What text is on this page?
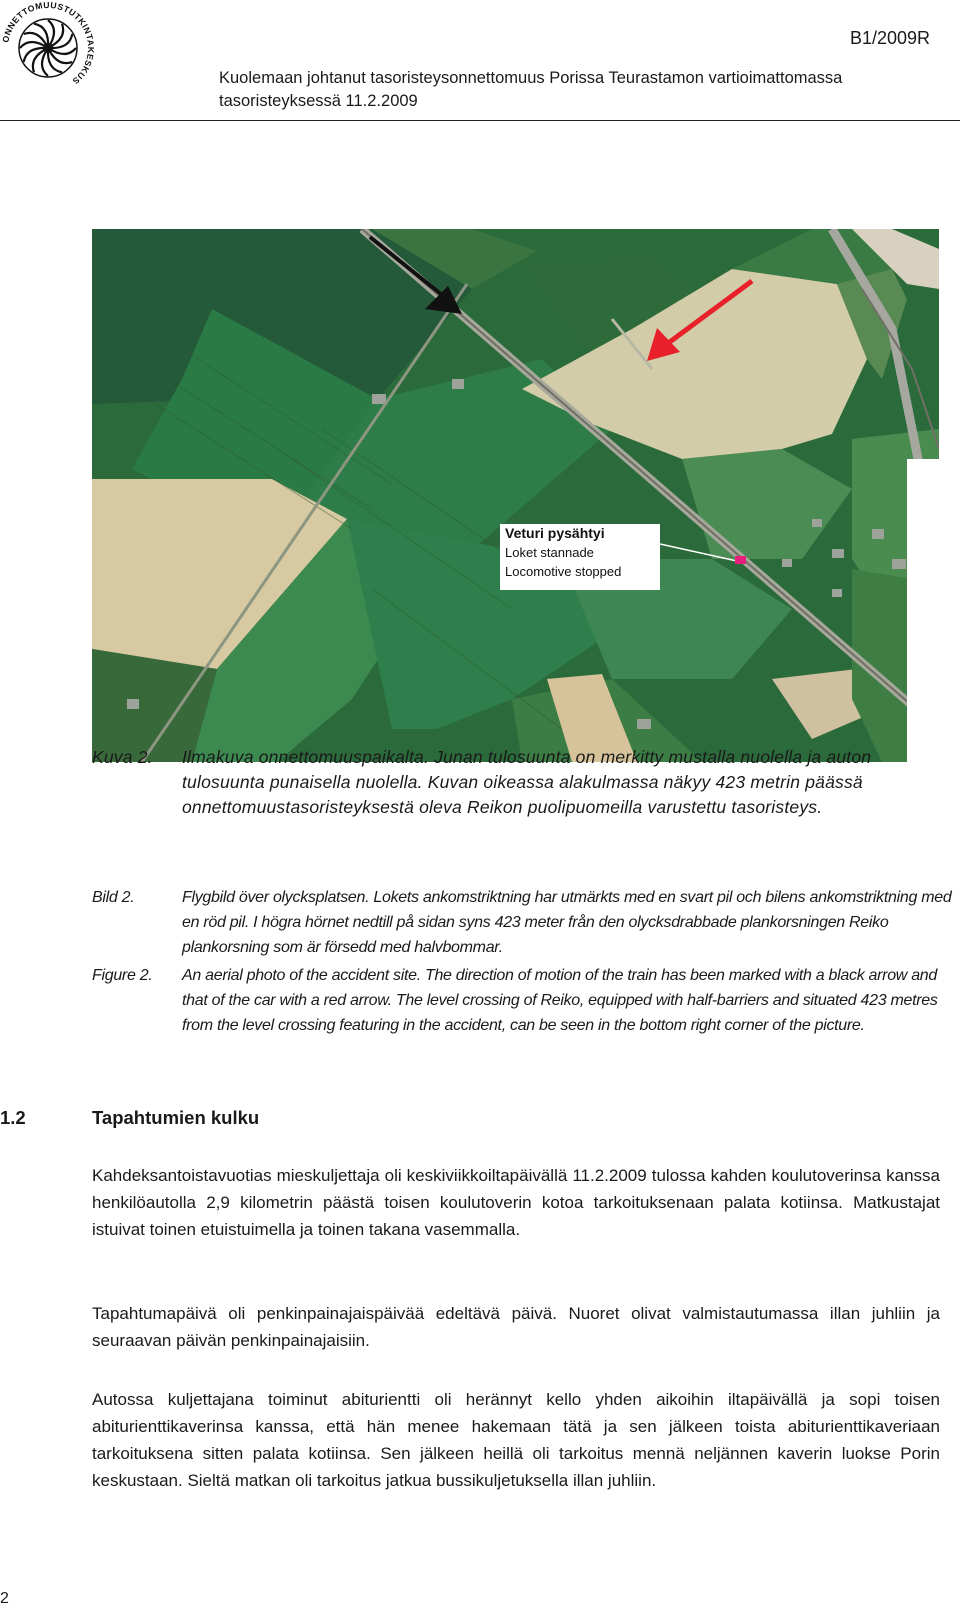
ONNETTOMUUSTUTKINTAKESKUS
B1/2009R
Kuolemaan johtanut tasoristeysonnettomuus Porissa Teurastamon vartioimattomassa tasoristeyksessä 11.2.2009
Veturi pysähtyi
Loket stannade
Locomotive stopped
Kuva 2. Ilmakuva onnettomuuspaikalta. Junan tulosuunta on merkitty mustalla nuolella ja auton tulosuunta punaisella nuolella. Kuvan oikeassa alakulmassa näkyy 423 metrin päässä onnettomuustasoristeyksestä oleva Reikon puolipuomeilla varustettu tasoristeys.
Bild 2.	Flygbild över olycksplatsen. Lokets ankomstriktning har utmärkts med en svart pil och bilens ankomstriktning med en röd pil. I högra hörnet nedtill på sidan syns 423 meter från den olycksdrabbade plankorsningen Reiko plankorsning som är försedd med halvbommar.
Figure 2. An aerial photo of the accident site. The direction of motion of the train has been marked with a black arrow and that of the car with a red arrow. The level crossing of Reiko, equipped with half-barriers and situated 423 metres from the level crossing featuring in the accident, can be seen in the bottom right corner of the picture.
1.2	Tapahtumien kulku
Kahdeksantoistavuotias mieskuljettaja oli keskiviikkoiltapäivällä 11.2.2009 tulossa kahden koulutoverinsa kanssa henkilöautolla 2,9 kilometrin päästä toisen koulutoverin kotoa tarkoituksenaan palata kotiinsa. Matkustajat istuivat toinen etuistuimella ja toinen takana vasemmalla.
Tapahtumapäivä oli penkinpainajaispäivää edeltävä päivä. Nuoret olivat valmistautumassa illan juhliin ja seuraavan päivän penkinpainajaisiin.
Autossa kuljettajana toiminut abiturientti oli herännyt kello yhden aikoihin iltapäivällä ja sopi toisen abiturienttikaverinsa kanssa, että hän menee hakemaan tätä ja sen jälkeen toista abiturienttikaveriaan tarkoituksena sitten palata kotiinsa. Sen jälkeen heillä oli tarkoitus mennä neljännen kaverin luokse Porin keskustaan. Sieltä matkan oli tarkoitus jatkua bussikuljetuksella illan juhliin.
2
